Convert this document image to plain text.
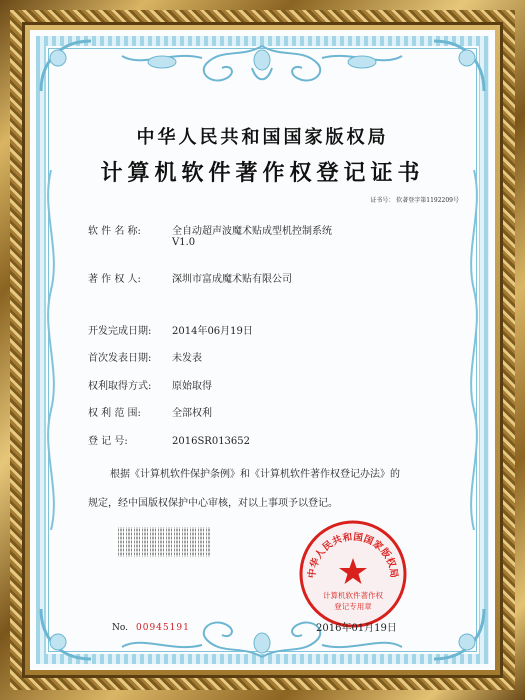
中华人民共和国国家版权局
计算机软件著作权登记证书
证书号： 软著登字第1192209号
软 件 名 称:	全自动超声波魔术贴成型机控制系统
V1.0
著 作 权 人:	深圳市富成魔术贴有限公司
开发完成日期: 2014年06月19日
首次发表日期: 未发表
权利取得方式: 原始取得
权 利 范 围:	全部权利
登 记 号:	2016SR013652
根据《计算机软件保护条例》和《计算机软件著作权登记办法》的
规定，经中国版权保护中心审核，对以上事项予以登记。
中华人民共和国国家版权局
计算机软件著作权
登记专用章
No. 00945191	2016年01月19日
